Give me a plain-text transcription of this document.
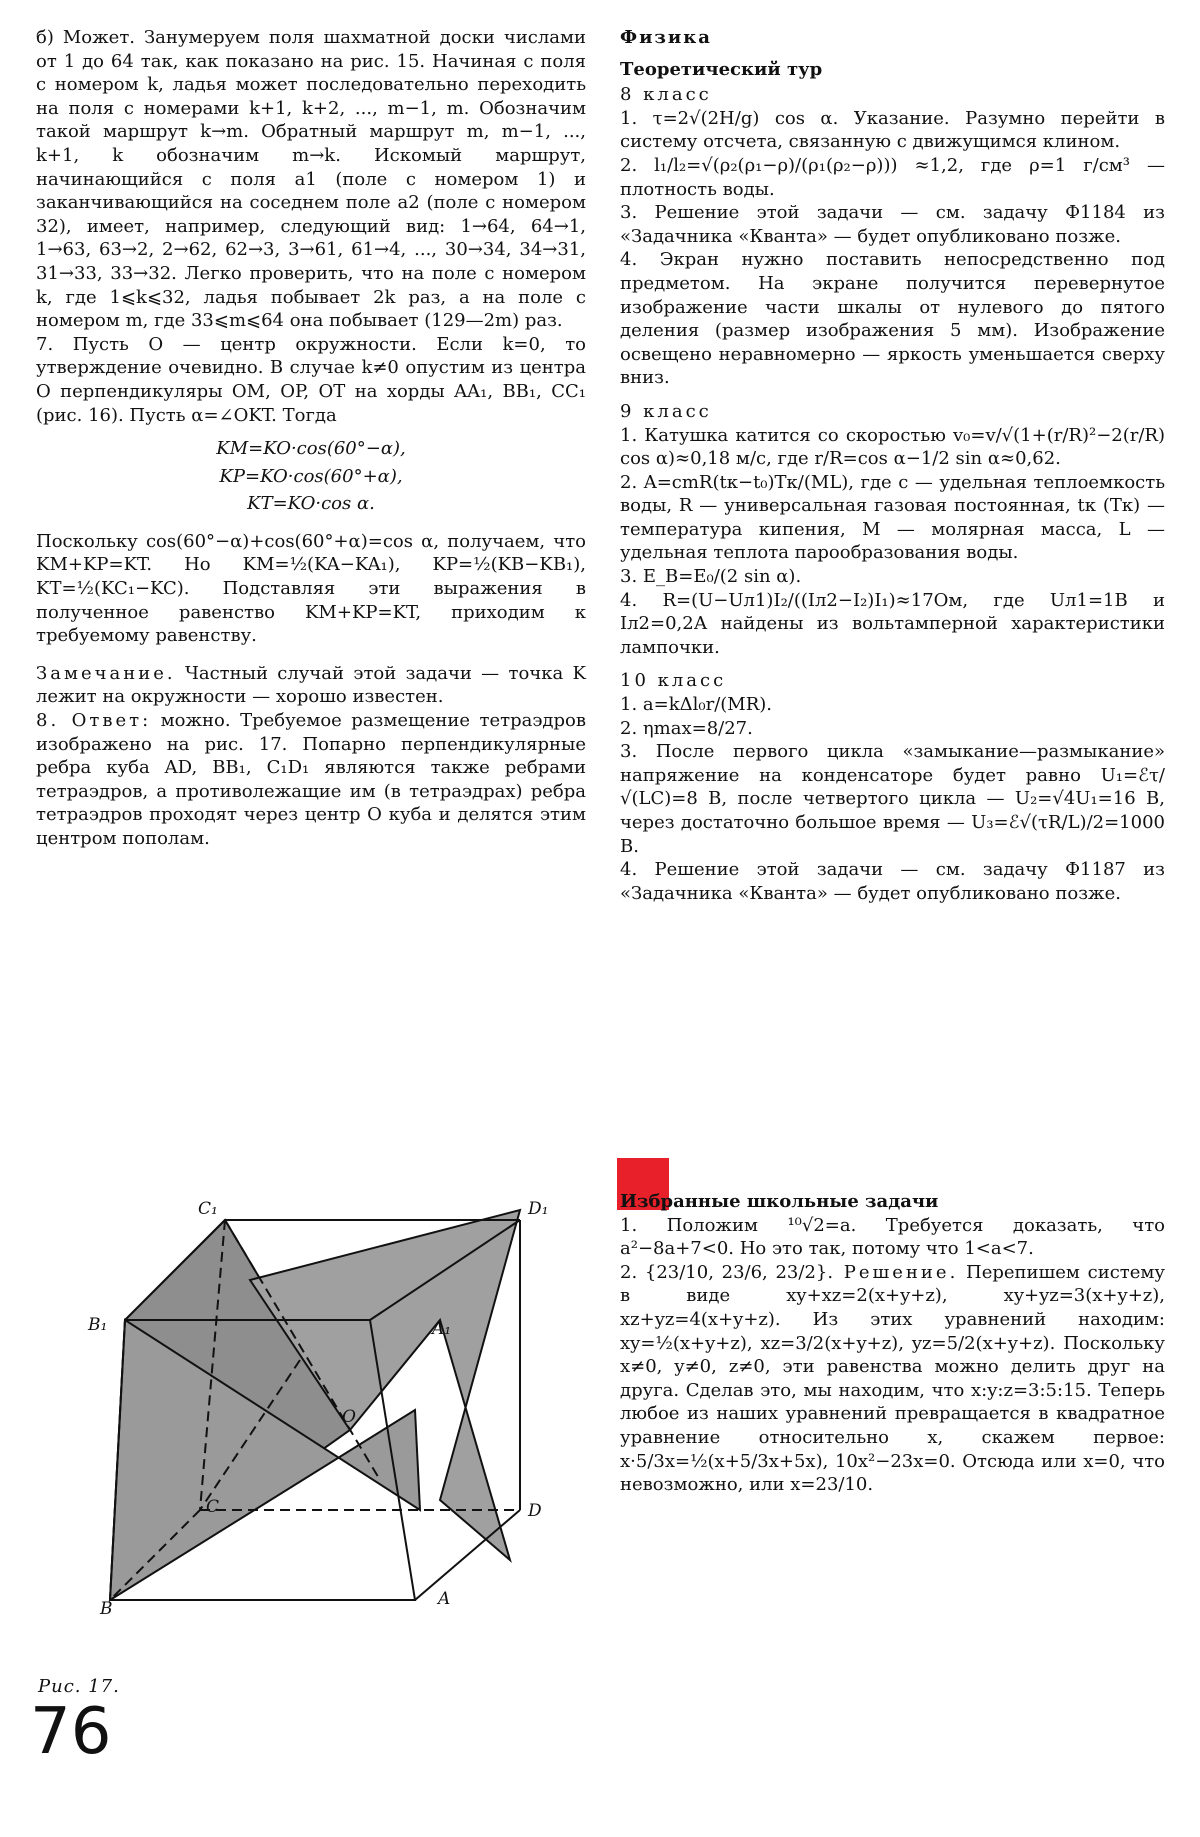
б) Может. Занумеруем поля шахматной доски числами от 1 до 64 так, как показано на рис. 15. Начиная с поля с номером k, ладья может последовательно переходить на поля с номерами k+1, k+2, ..., m−1, m. Обозначим такой маршрут k→m. Обратный маршрут m, m−1, ..., k+1, k обозначим m→k. Искомый маршрут, начинающийся с поля a1 (поле с номером 1) и заканчивающийся на соседнем поле a2 (поле с номером 32), имеет, например, следующий вид: 1→64, 64→1, 1→63, 63→2, 2→62, 62→3, 3→61, 61→4, ..., 30→34, 34→31, 31→33, 33→32. Легко проверить, что на поле с номером k, где 1⩽k⩽32, ладья побывает 2k раз, а на поле с номером m, где 33⩽m⩽64 она побывает (129—2m) раз.

7. Пусть O — центр окружности. Если k=0, то утверждение очевидно. В случае k≠0 опустим из центра O перпендикуляры OM, OP, OT на хорды AA₁, BB₁, CC₁ (рис. 16). Пусть α=∠OKT. Тогда

KM=KO·cos(60°−α),

KP=KO·cos(60°+α),

KT=KO·cos α.

Поскольку cos(60°−α)+cos(60°+α)=cos α, получаем, что KM+KP=KT. Но KM=½(KA−KA₁), KP=½(KB−KB₁), KT=½(KC₁−KC). Подставляя эти выражения в полученное равенство KM+KP=KT, приходим к требуемому равенству.

Замечание. Частный случай этой задачи — точка K лежит на окружности — хорошо известен.

8. Ответ: можно. Требуемое размещение тетраэдров изображено на рис. 17. Попарно перпендикулярные ребра куба AD, BB₁, C₁D₁ являются также ребрами тетраэдров, а противолежащие им (в тетраэдрах) ребра тетраэдров проходят через центр O куба и делятся этим центром пополам.

Физика

Теоретический тур

8 класс

1. τ=2√(2H/g) cos α. Указание. Разумно перейти в систему отсчета, связанную с движущимся клином.

2. l₁/l₂=√(ρ₂(ρ₁−ρ)/(ρ₁(ρ₂−ρ))) ≈1,2, где ρ=1 г/см³ — плотность воды.

3. Решение этой задачи — см. задачу Ф1184 из «Задачника «Кванта» — будет опубликовано позже.

4. Экран нужно поставить непосредственно под предметом. На экране получится перевернутое изображение части шкалы от нулевого до пятого деления (размер изображения 5 мм). Изображение освещено неравномерно — яркость уменьшается сверху вниз.

9 класс

1. Катушка катится со скоростью v₀=v/√(1+(r/R)²−2(r/R) cos α)≈0,18 м/с, где r/R=cos α−1/2 sin α≈0,62.

2. A=cmR(tк−t₀)Tк/(ML), где c — удельная теплоемкость воды, R — универсальная газовая постоянная, tк (Tк) — температура кипения, M — молярная масса, L — удельная теплота парообразования воды.

3. E_B=E₀/(2 sin α).

4. R=(U−Uл1)I₂/((Iл2−I₂)I₁)≈17Ом, где Uл1=1В и Iл2=0,2А найдены из вольтамперной характеристики лампочки.

10 класс

1. a=kΔl₀r/(MR).

2. ηmax=8/27.

3. После первого цикла «замыкание—размыкание» напряжение на конденсаторе будет равно U₁=ℰτ/√(LC)=8 В, после четвертого цикла — U₂=√4U₁=16 В, через достаточно большое время — U₃=ℰ√(τR/L)/2=1000 В.

4. Решение этой задачи — см. задачу Ф1187 из «Задачника «Кванта» — будет опубликовано позже.

Избранные школьные задачи

1. Положим ¹⁰√2=a. Требуется доказать, что a²−8a+7<0. Но это так, потому что 1<a<7.

2. {23/10, 23/6, 23/2}. Решение. Перепишем систему в виде xy+xz=2(x+y+z), xy+yz=3(x+y+z), xz+yz=4(x+y+z). Из этих уравнений находим: xy=½(x+y+z), xz=3/2(x+y+z), yz=5/2(x+y+z). Поскольку x≠0, y≠0, z≠0, эти равенства можно делить друг на друга. Сделав это, мы находим, что x:y:z=3:5:15. Теперь любое из наших уравнений превращается в квадратное уравнение относительно x, скажем первое: x·5/3x=½(x+5/3x+5x), 10x²−23x=0. Отсюда или x=0, что невозможно, или x=23/10.

C₁	D₁
B₁	A₁
O
C	D
B	A
Рис. 17.
76
